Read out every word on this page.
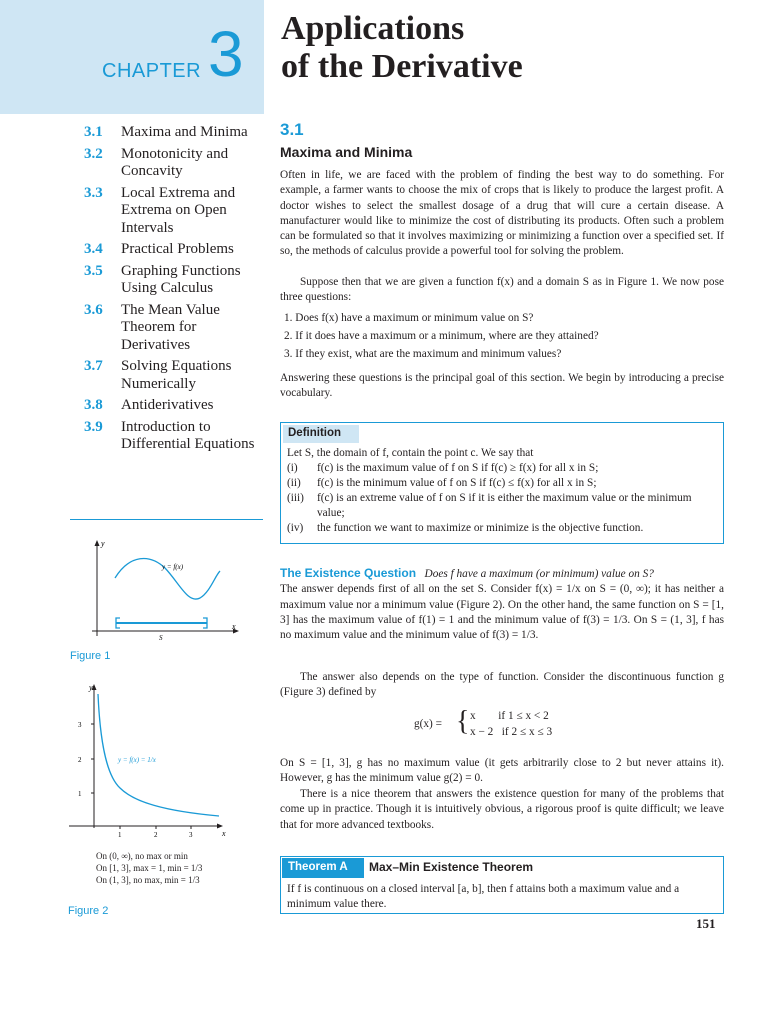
CHAPTER 3 Applications
of the Derivative
3.1	Maxima and Minima
3.2	Monotonicity and Concavity
3.3	Local Extrema and Extrema on Open Intervals
3.4	Practical Problems
3.5	Graphing Functions Using Calculus
3.6	The Mean Value Theorem for Derivatives
3.7	Solving Equations Numerically
3.8	Antiderivatives
3.9	Introduction to Differential Equations
y
x
y = f(x)
S
Figure 1
y
x
3
2
1
1	2	3
y = f(x) = 1/x
On (0, ∞), no max or min
On [1, 3], max = 1, min = 1/3
On (1, 3], no max, min = 1/3
Figure 2
3.1
Maxima and Minima
Often in life, we are faced with the problem of finding the best way to do something. For example, a farmer wants to choose the mix of crops that is likely to produce the largest profit. A doctor wishes to select the smallest dosage of a drug that will cure a certain disease. A manufacturer would like to minimize the cost of distributing its products. Often such a problem can be formulated so that it involves maximizing or minimizing a function over a specified set. If so, the methods of calculus provide a powerful tool for solving the problem.
Suppose then that we are given a function f(x) and a domain S as in Figure 1. We now pose three questions:
1. Does f(x) have a maximum or minimum value on S?
2. If it does have a maximum or a minimum, where are they attained?
3. If they exist, what are the maximum and minimum values?
Answering these questions is the principal goal of this section. We begin by introducing a precise vocabulary.
Definition
Let S, the domain of f, contain the point c. We say that
(i)	f(c) is the maximum value of f on S if f(c) ≥ f(x) for all x in S;
(ii)	f(c) is the minimum value of f on S if f(c) ≤ f(x) for all x in S;
(iii)	f(c) is an extreme value of f on S if it is either the maximum value or the minimum value;
(iv)	the function we want to maximize or minimize is the objective function.
The Existence Question Does f have a maximum (or minimum) value on S?
The answer depends first of all on the set S. Consider f(x) = 1/x on S = (0, ∞); it has neither a maximum value nor a minimum value (Figure 2). On the other hand, the same function on S = [1, 3] has the maximum value of f(1) = 1 and the minimum value of f(3) = 1/3. On S = (1, 3], f has no maximum value and the minimum value of f(3) = 1/3.
The answer also depends on the type of function. Consider the discontinuous function g (Figure 3) defined by
g(x) = { x        if 1 ≤ x < 2
x − 2   if 2 ≤ x ≤ 3
On S = [1, 3], g has no maximum value (it gets arbitrarily close to 2 but never attains it). However, g has the minimum value g(2) = 0.
There is a nice theorem that answers the existence question for many of the problems that come up in practice. Though it is intuitively obvious, a rigorous proof is quite difficult; we leave that for more advanced textbooks.
Theorem A	Max–Min Existence Theorem
If f is continuous on a closed interval [a, b], then f attains both a maximum value and a minimum value there.
151
